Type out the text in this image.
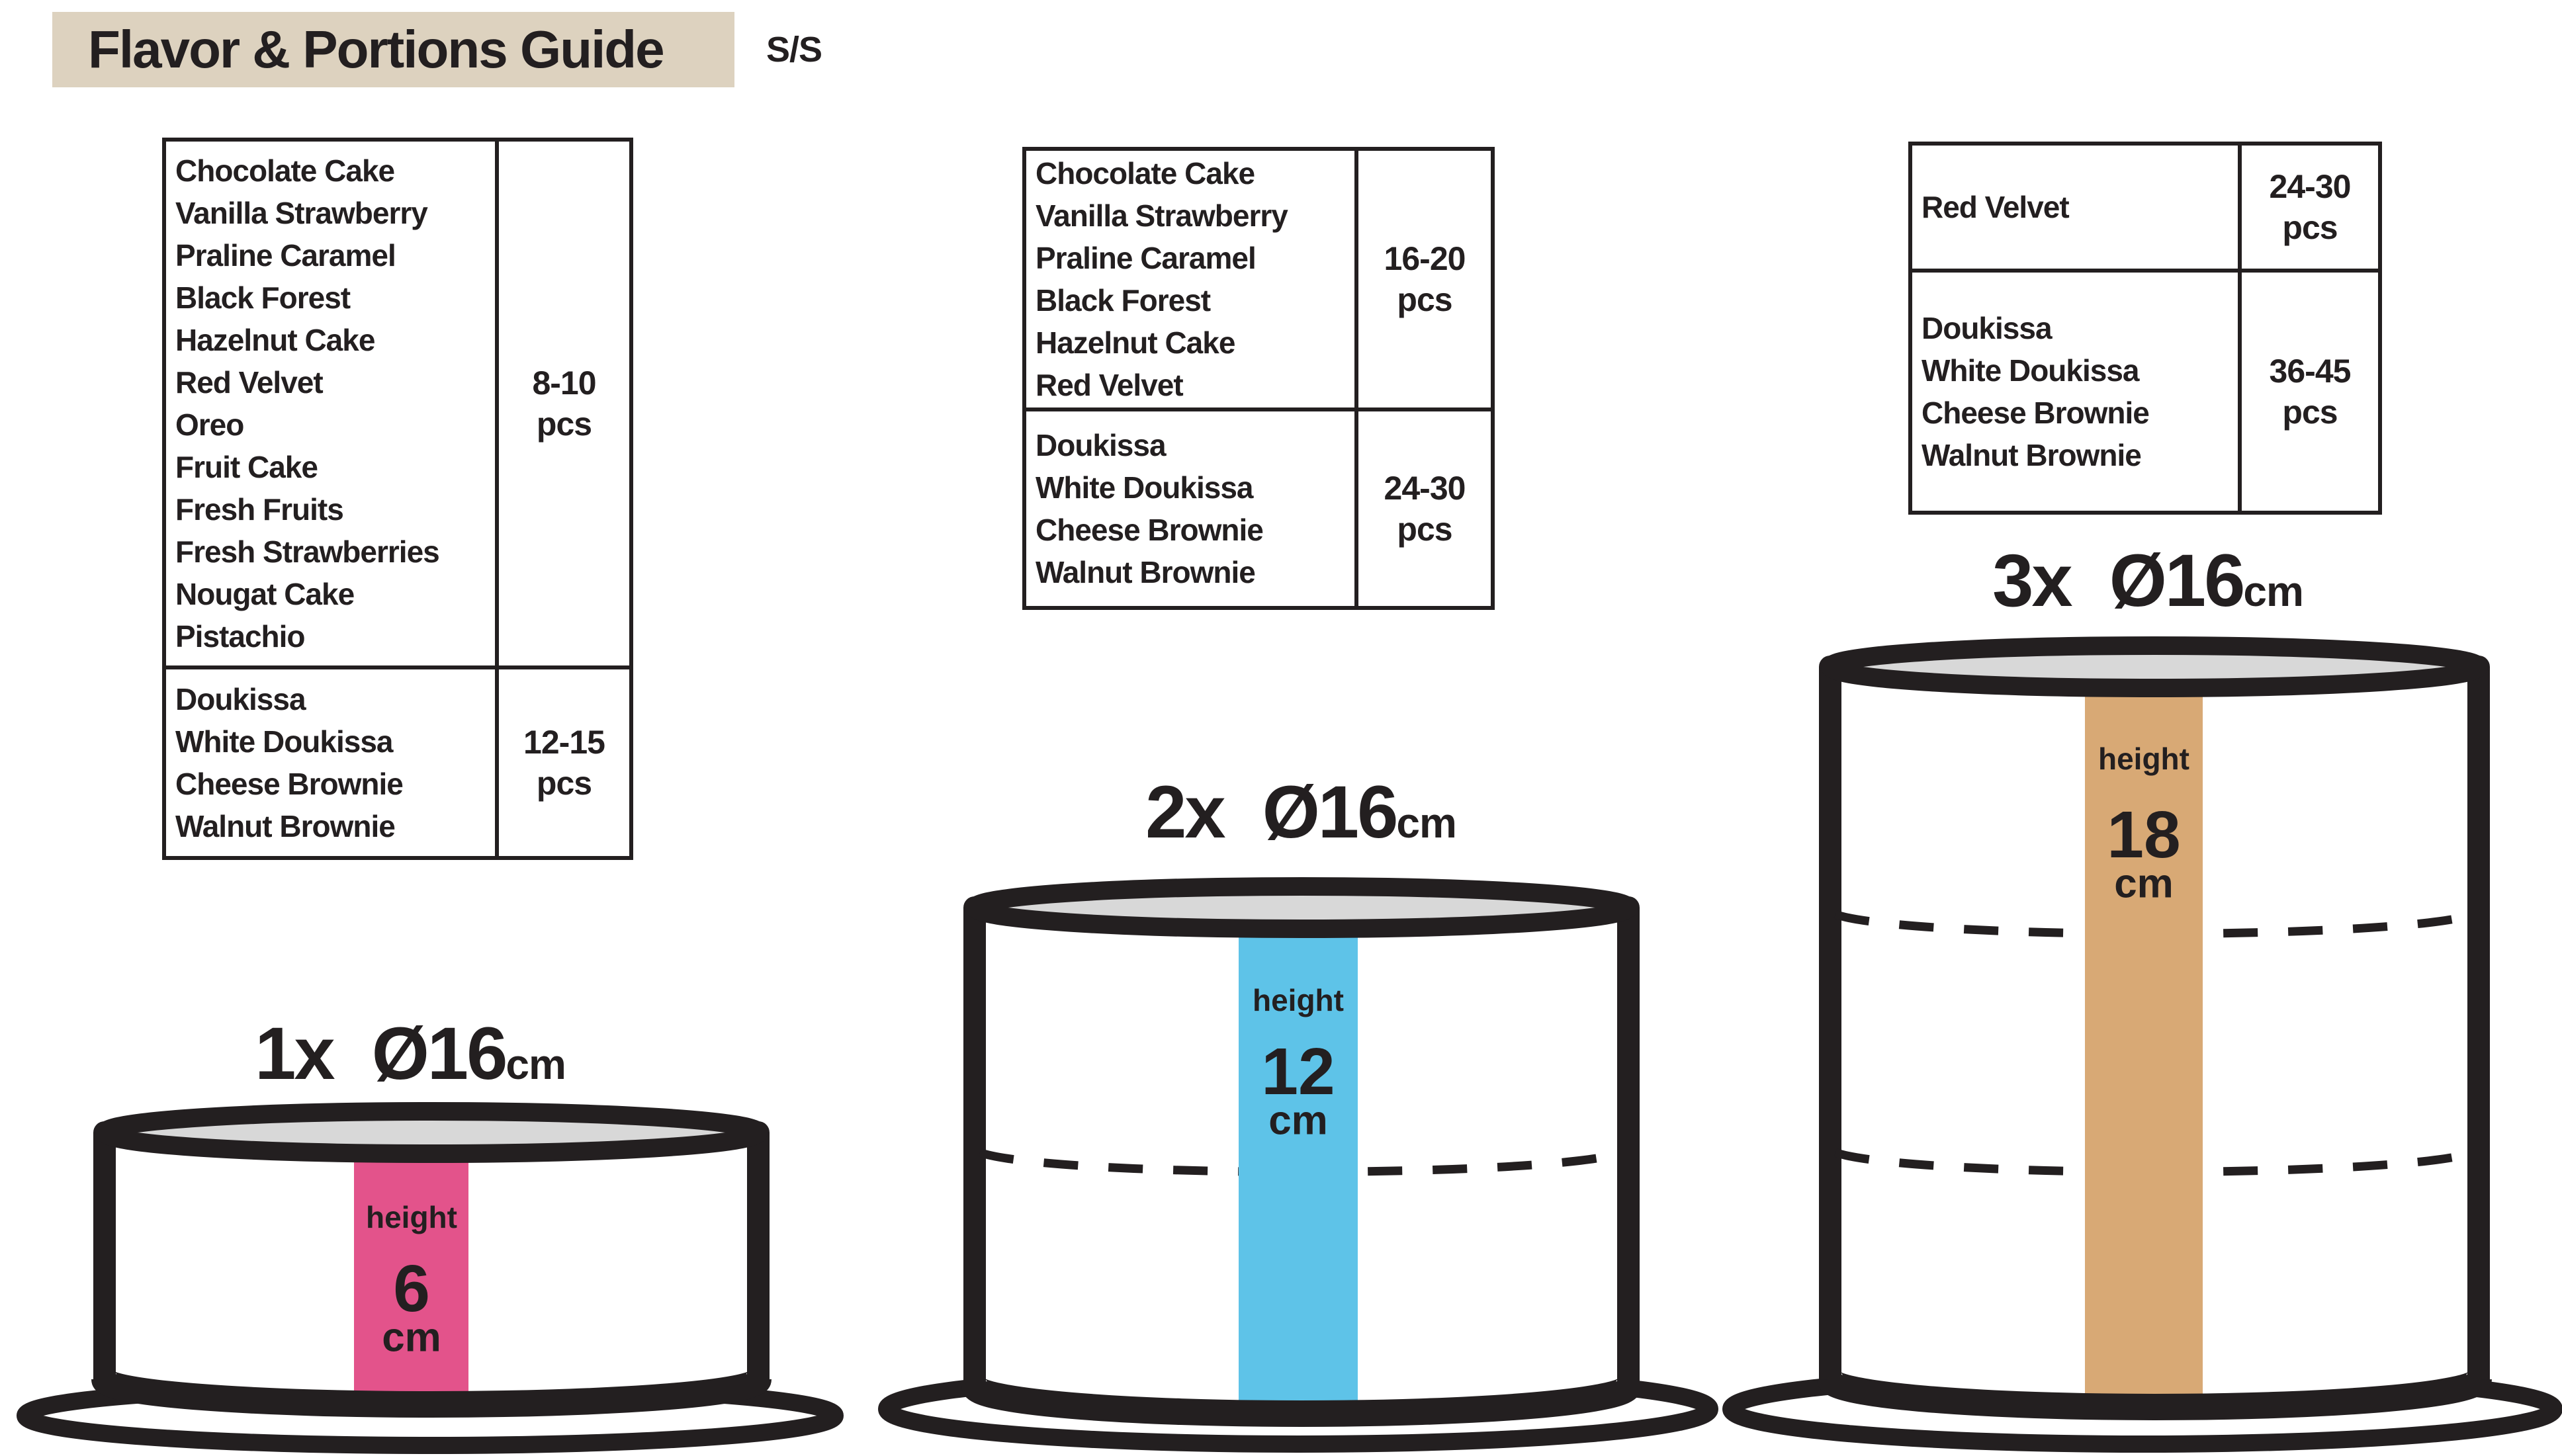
Flavor & Portions Guide	S/S
Chocolate Cake
Vanilla Strawberry
Praline Caramel
Black Forest
Hazelnut Cake
Red Velvet
Oreo
Fruit Cake
Fresh Fruits
Fresh Strawberries
Nougat Cake
Pistachio
8-10
pcs
Doukissa
White Doukissa
Cheese Brownie
Walnut Brownie
12-15
pcs
Chocolate Cake
Vanilla Strawberry
Praline Caramel
Black Forest
Hazelnut Cake
Red Velvet
16-20
pcs
Doukissa
White Doukissa
Cheese Brownie
Walnut Brownie
24-30
pcs
Red Velvet
24-30
pcs
Doukissa
White Doukissa
Cheese Brownie
Walnut Brownie
36-45
pcs
1x Ø16 cm
2x Ø16 cm
3x Ø16 cm
height
6
cm
height
12
cm
height
18
cm
